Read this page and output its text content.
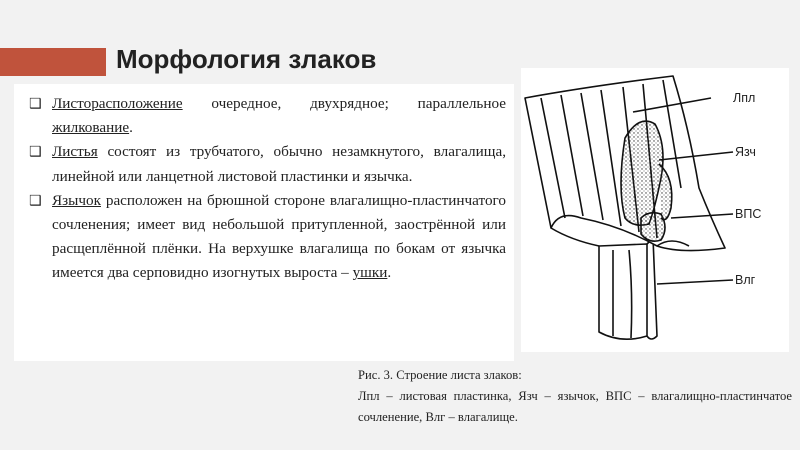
Морфология злаков
❑ Листорасположение очередное, двухрядное; параллельное жилкование.
❑ Листья состоят из трубчатого, обычно незамкнутого, влагалища, линейной или ланцетной листовой пластинки и язычка.
❑ Язычок расположен на брюшной стороне влагалищно-пластинчатого сочленения; имеет вид небольшой притупленной, заострённой или расщеплённой плёнки. На верхушке влагалища по бокам от язычка имеется два серповидно изогнутых выроста – ушки.
Лпл
Язч
ВПС
Влг

Рис. 3. Строение листа злаков:

Лпл – листовая пластинка, Язч – язычок, ВПС – влагалищно-пластинчатое сочленение, Влг – влагалище.
